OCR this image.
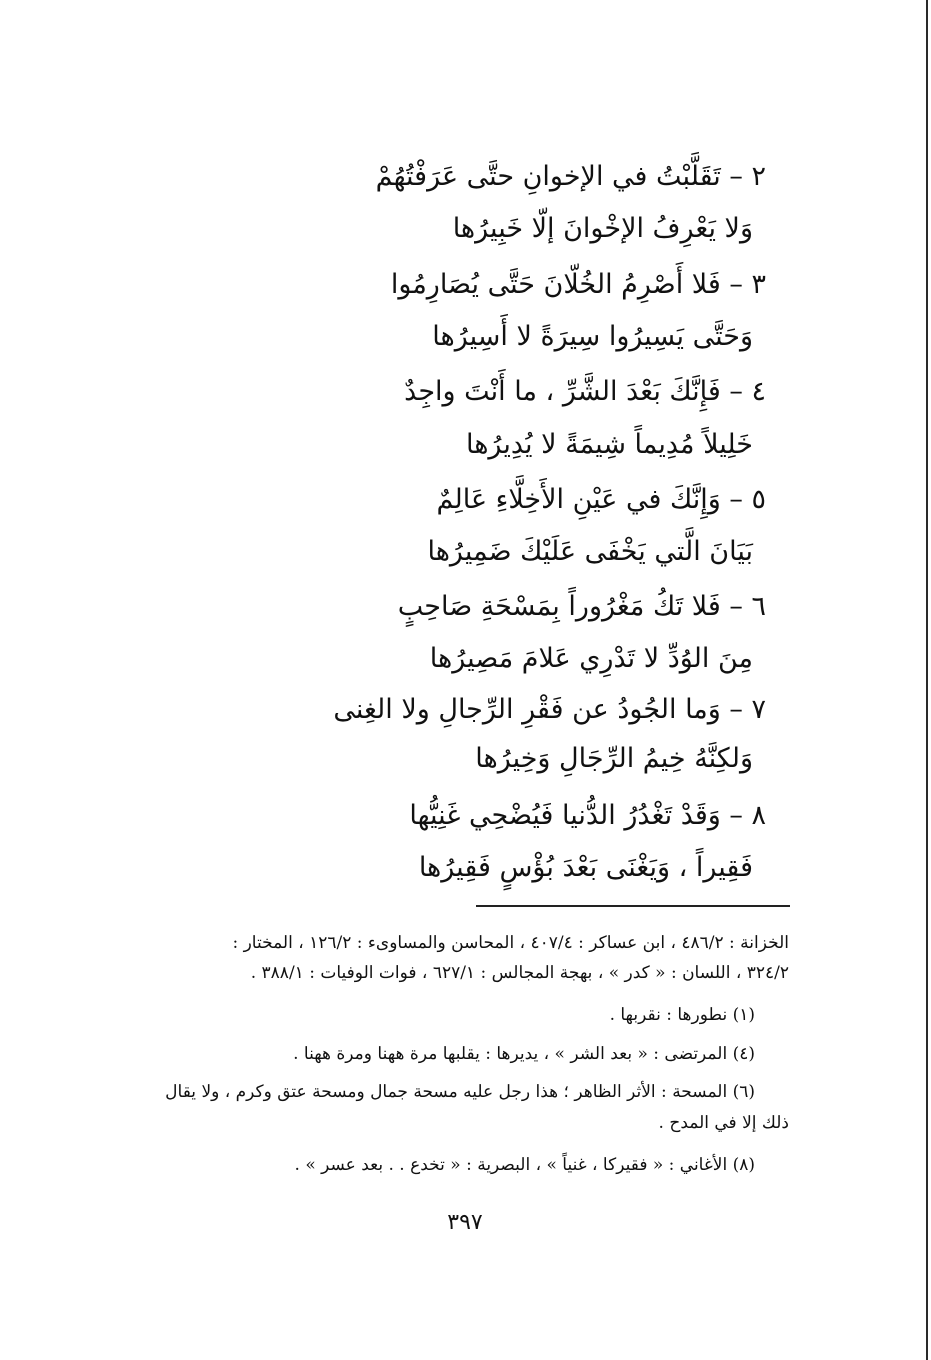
٢ – تَقَلَّبْتُ في الإخوانِ حتَّى عَرَفْتُهُمْ
وَلا يَعْرِفُ الإخْوانَ إلّا خَبِيرُها
٣ – فَلا أَصْرِمُ الخُلّانَ حَتَّى يُصَارِمُوا
وَحَتَّى يَسِيرُوا سِيرَةً لا أَسِيرُها
٤ – فَإِنَّكَ بَعْدَ الشَّرِّ ، ما أَنْتَ واجِدٌ
خَلِيلاً مُدِيماً شِيمَةً لا يُدِيرُها
٥ – وَإِنَّكَ في عَيْنِ الأَخِلَّاءِ عَالِمٌ
بَيَانَ الَّتي يَخْفَى عَلَيْكَ ضَمِيرُها
٦ – فَلا تَكُ مَغْرُوراً بِمَسْحَةِ صَاحِبٍ
مِنَ الوُدِّ لا تَدْرِي عَلامَ مَصِيرُها
٧ – وَما الجُودُ عن فَقْرِ الرِّجالِ ولا الغِنى
وَلكِنَّهُ خِيمُ الرِّجَالِ وَخِيرُها
٨ – وَقَدْ تَغْدُرُ الدُّنيا فَيُضْحِي غَنِيُّها
فَقِيراً ، وَيَغْنَى بَعْدَ بُؤْسٍ فَقِيرُها
الخزانة : ٤٨٦/٢ ، ابن عساكر : ٤٠٧/٤ ، المحاسن والمساوىء : ١٢٦/٢ ، المختار :
٣٢٤/٢ ، اللسان : « كدر » ، بهجة المجالس : ٦٢٧/١ ، فوات الوفيات : ٣٨٨/١ .
(١) نطورها : نقربها .
(٤) المرتضى : « بعد الشر » ، يديرها : يقلبها مرة ههنا ومرة ههنا .
(٦) المسحة : الأثر الظاهر ؛ هذا رجل عليه مسحة جمال ومسحة عتق وكرم ، ولا يقال
ذلك إلا في المدح .
(٨) الأغاني : « فقيركا ، غنياً » ، البصرية : « تخدع . . بعد عسر » .
٣٩٧
